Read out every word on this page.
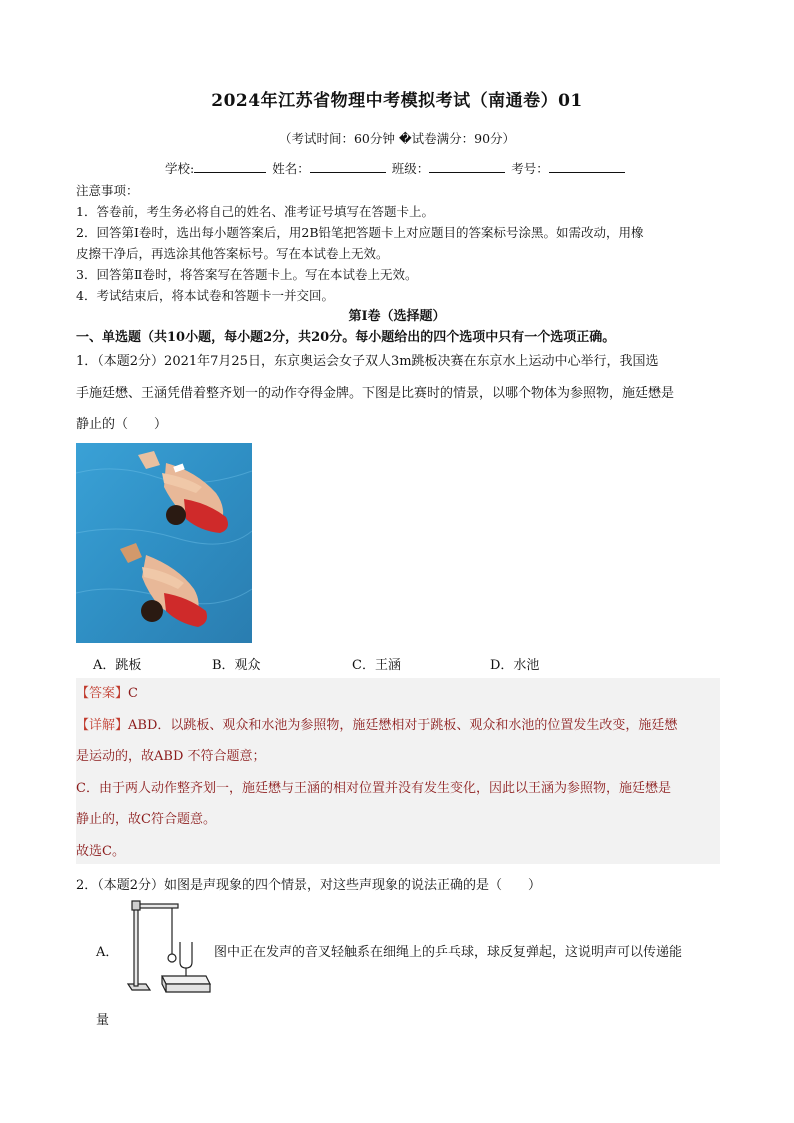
2024年江苏省物理中考模拟考试（南通卷）01
（考试时间：60分钟 �试卷满分：90分）
学校:	姓名：	班级：	考号：
注意事项：
1．答卷前，考生务必将自己的姓名、准考证号填写在答题卡上。
2．回答第Ⅰ卷时，选出每小题答案后，用2B铅笔把答题卡上对应题目的答案标号涂黑。如需改动，用橡
皮擦干净后，再选涂其他答案标号。写在本试卷上无效。
3．回答第Ⅱ卷时，将答案写在答题卡上。写在本试卷上无效。
4．考试结束后，将本试卷和答题卡一并交回。
第Ⅰ卷（选择题）
一、单选题（共10小题，每小题2分，共20分。每小题给出的四个选项中只有一个选项正确。
1．（本题2分）2021年7月25日，东京奥运会女子双人3m跳板决赛在东京水上运动中心举行，我国选
手施廷懋、王涵凭借着整齐划一的动作夺得金牌。下图是比赛时的情景，以哪个物体为参照物，施廷懋是
静止的（　　）
A．跳板	B．观众	C．王涵	D．水池
【答案】C
【详解】ABD．以跳板、观众和水池为参照物，施廷懋相对于跳板、观众和水池的位置发生改变，施廷懋
是运动的，故ABD 不符合题意；
C．由于两人动作整齐划一，施廷懋与王涵的相对位置并没有发生变化，因此以王涵为参照物，施廷懋是
静止的，故C符合题意。
故选C。
2．（本题2分）如图是声现象的四个情景，对这些声现象的说法正确的是（　　）
A．	图中正在发声的音叉轻触系在细绳上的乒乓球，球反复弹起，这说明声可以传递能
量
